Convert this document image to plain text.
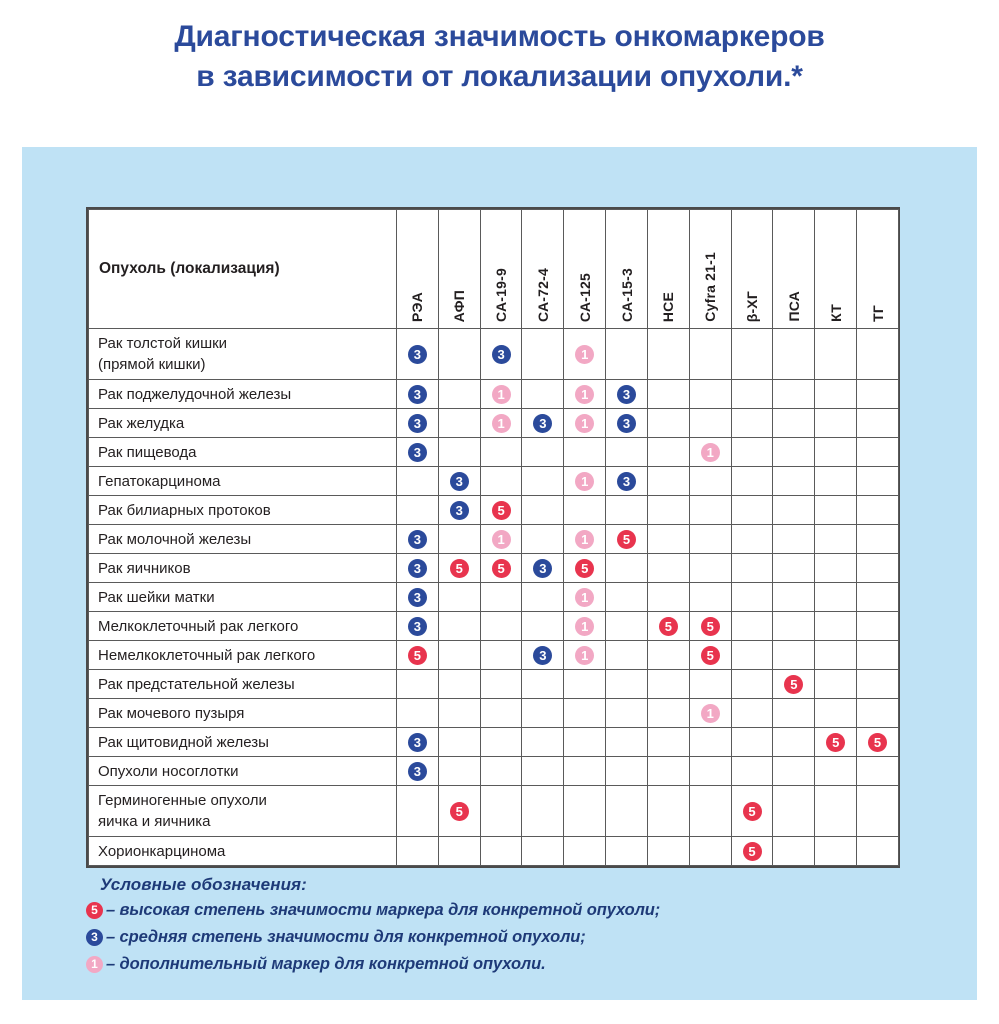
Диагностическая значимость онкомаркеров
в зависимости от локализации опухоли.*
Опухоль (локализация)	РЭА	АФП	СА-19-9	СА-72-4	СА-125	СА-15-3	НСЕ	Cyfra 21-1	β-ХГ	ПСА	КТ	ТГ

Рак толстой кишки
(прямой кишки)	3		3		1							
Рак поджелудочной железы	3		1		1	3						
Рак желудка	3		1	3	1	3						
Рак пищевода	3							1				
Гепатокарцинома		3			1	3						
Рак билиарных протоков		3	5									
Рак молочной железы	3		1		1	5						
Рак яичников	3	5	5	3	5							
Рак шейки матки	3				1							
Мелкоклеточный рак легкого	3				1		5	5				
Немелкоклеточный рак легкого	5			3	1			5				
Рак предстательной железы										5		
Рак мочевого пузыря								1				
Рак щитовидной железы	3										5	5
Опухоли носоглотки	3											
Герминогенные опухоли
яичка и яичника		5							5			
Хорионкарцинома									5			
Условные обозначения:
5 – высокая степень значимости маркера для конкретной опухоли;
3 – средняя степень значимости для конкретной опухоли;
1 – дополнительный маркер для конкретной опухоли.
